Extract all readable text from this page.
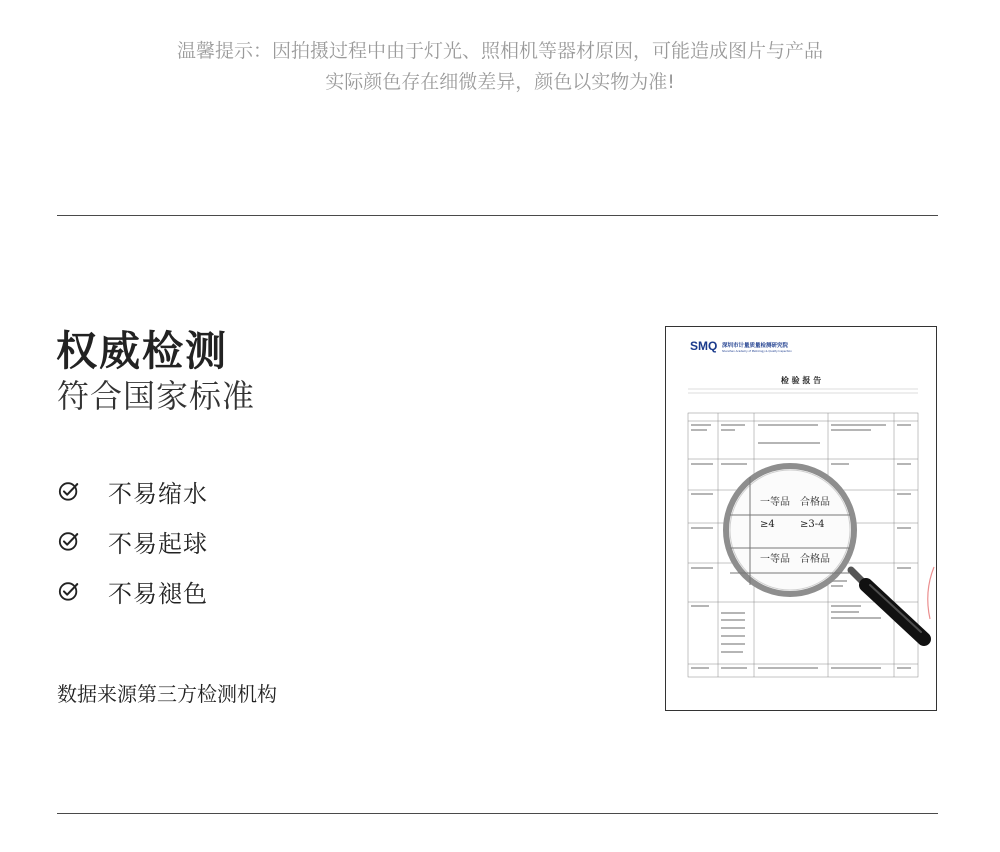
温馨提示：因拍摄过程中由于灯光、照相机等器材原因，可能造成图片与产品
实际颜色存在细微差异，颜色以实物为准!
权威检测
符合国家标准
不易缩水
不易起球
不易褪色
数据来源第三方检测机构
SMQ 深圳市计量质量检测研究院
Shenzhen Academy of Metrology & Quality Inspection
检 验 报 告
一等品 合格品
≥4	≥3-4
一等品 合格品
